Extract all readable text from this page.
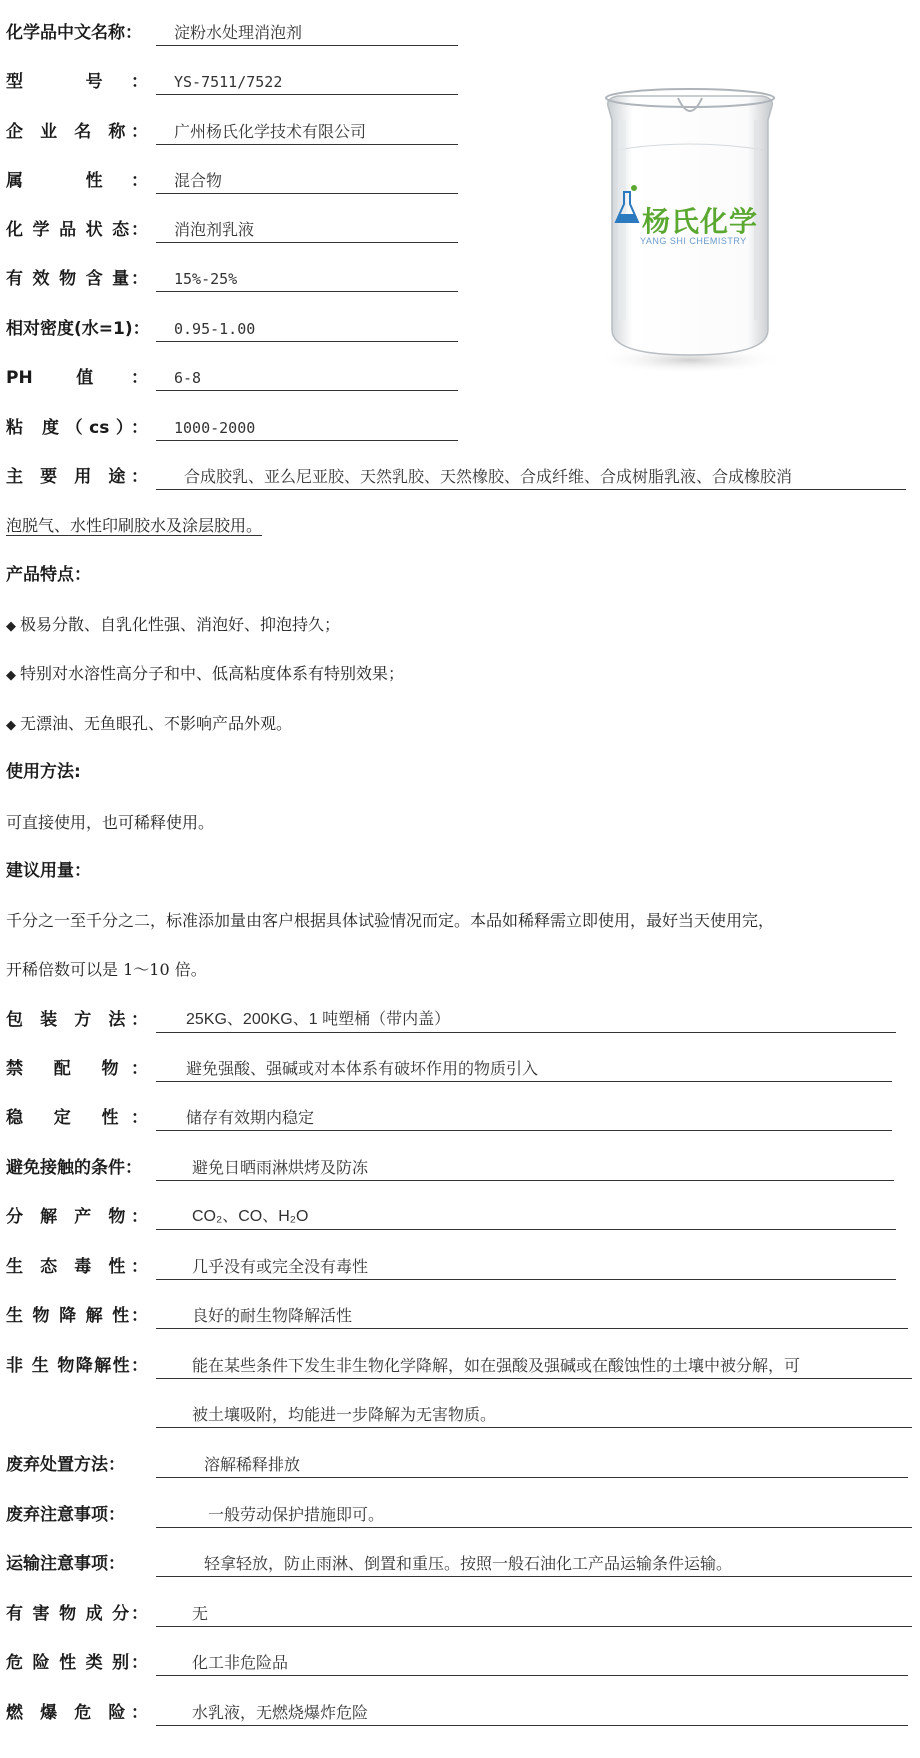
化学品中文名称：	淀粉水处理消泡剂
型 号：	YS-7511/7522
企 业 名 称：	广州杨氏化学技术有限公司
属 性：	混合物
化 学 品 状 态：	消泡剂乳液
有 效 物 含 量：	15%-25%
相对密度(水=1)：	0.95-1.00
PH 值：	6-8
粘 度（cs）：	1000-2000
杨氏化学
YANG SHI CHEMISTRY
主 要 用 途：	合成胶乳、亚么尼亚胶、天然乳胶、天然橡胶、合成纤维、合成树脂乳液、合成橡胶消
泡脱气、水性印刷胶水及涂层胶用。
产品特点：
◆ 极易分散、自乳化性强、消泡好、抑泡持久；
◆ 特别对水溶性高分子和中、低高粘度体系有特别效果；
◆ 无漂油、无鱼眼孔、不影响产品外观。
使用方法:
可直接使用，也可稀释使用。
建议用量：
千分之一至千分之二，标准添加量由客户根据具体试验情况而定。本品如稀释需立即使用，最好当天使用完，
开稀倍数可以是 1～10 倍。
包 装 方 法：	25KG、200KG、1 吨塑桶（带内盖）
禁 配 物：	避免强酸、强碱或对本体系有破坏作用的物质引入
稳 定 性：	储存有效期内稳定
避免接触的条件：	避免日晒雨淋烘烤及防冻
分 解 产 物：	CO₂、CO、H₂O
生 态 毒 性：	几乎没有或完全没有毒性
生 物 降 解 性：	良好的耐生物降解活性
非 生 物降解性：	能在某些条件下发生非生物化学降解，如在强酸及强碱或在酸蚀性的土壤中被分解，可
被土壤吸附，均能进一步降解为无害物质。
废弃处置方法：	溶解稀释排放
废弃注意事项：	一般劳动保护措施即可。
运输注意事项：	轻拿轻放，防止雨淋、倒置和重压。按照一般石油化工产品运输条件运输。
有 害 物 成 分：	无
危 险 性 类 别：	化工非危险品
燃 爆 危 险：	水乳液，无燃烧爆炸危险
